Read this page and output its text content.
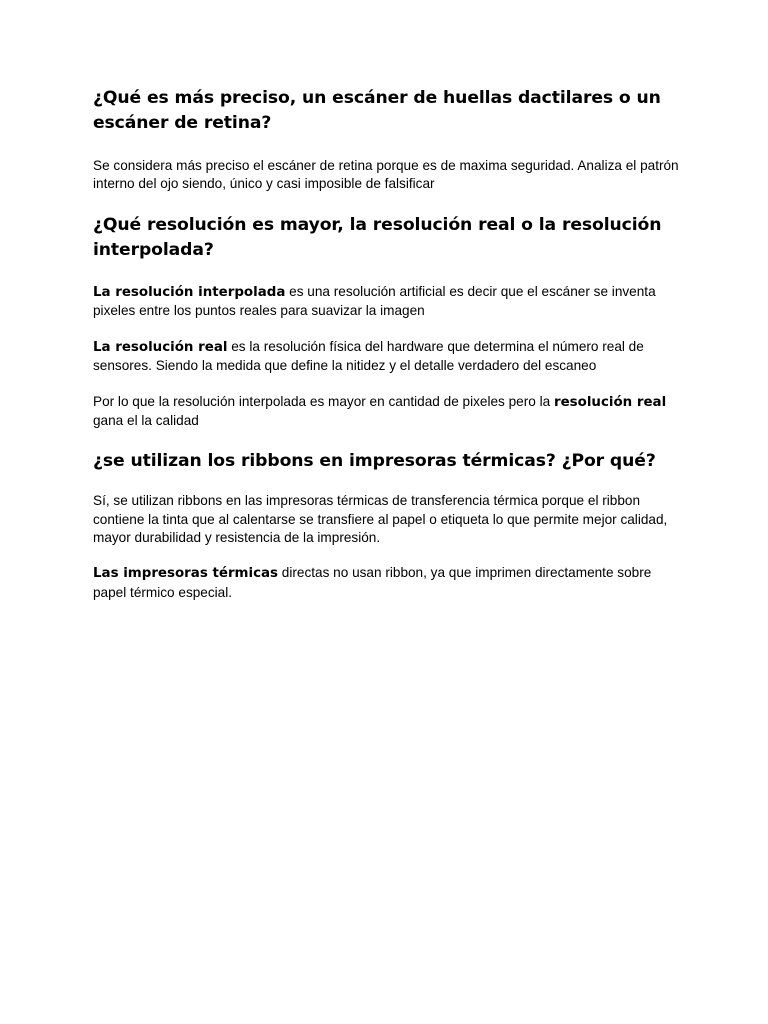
¿Qué es más preciso, un escáner de huellas dactilares o un escáner de retina?

Se considera más preciso el escáner de retina porque es de maxima seguridad. Analiza el patrón interno del ojo siendo, único y casi imposible de falsificar

¿Qué resolución es mayor, la resolución real o la resolución interpolada?

La resolución interpolada es una resolución artificial es decir que el escáner se inventa pixeles entre los puntos reales para suavizar la imagen

La resolución real es la resolución física del hardware que determina el número real de sensores. Siendo la medida que define la nitidez y el detalle verdadero del escaneo

Por lo que la resolución interpolada es mayor en cantidad de pixeles pero la resolución real gana el la calidad

¿se utilizan los ribbons en impresoras térmicas? ¿Por qué?

Sí, se utilizan ribbons en las impresoras térmicas de transferencia térmica porque el ribbon contiene la tinta que al calentarse se transfiere al papel o etiqueta lo que permite mejor calidad, mayor durabilidad y resistencia de la impresión.

Las impresoras térmicas directas no usan ribbon, ya que imprimen directamente sobre papel térmico especial.
